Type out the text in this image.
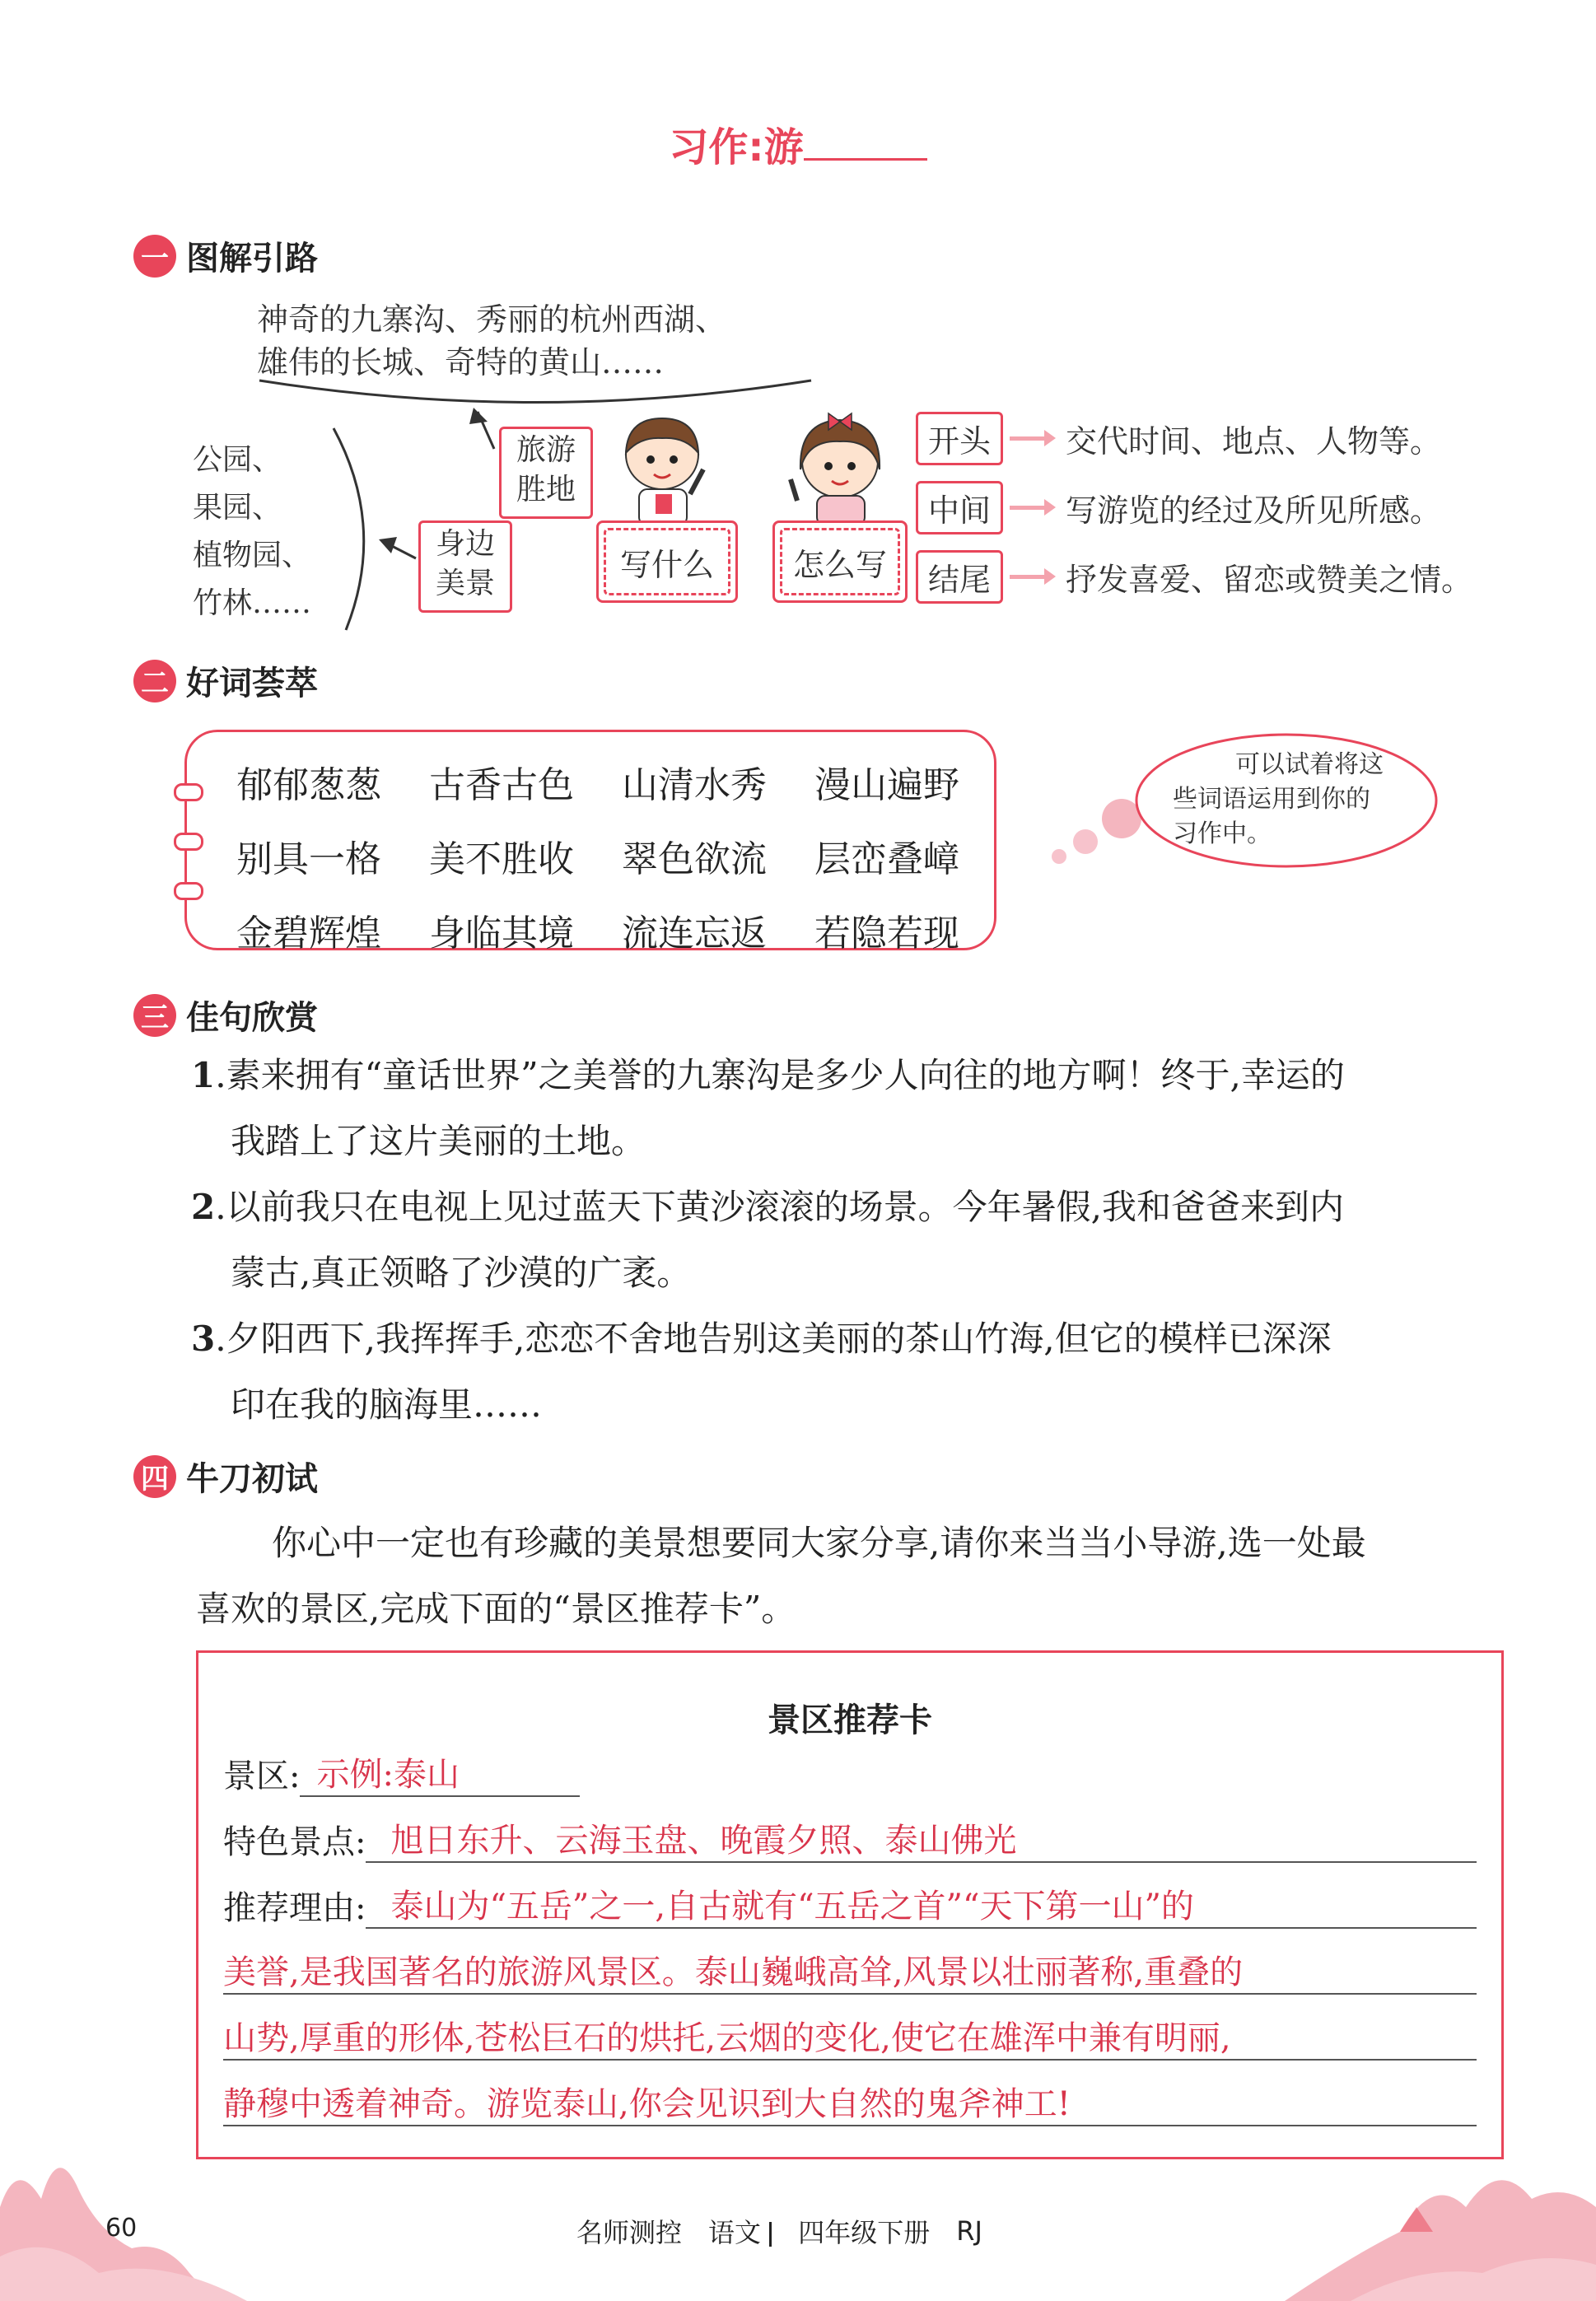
习作:游
一 图解引路
神奇的九寨沟、秀丽的杭州西湖、
雄伟的长城、奇特的黄山……
公园、
果园、
植物园、
竹林……
旅游
胜地
身边
美景
写什么	怎么写
开头	交代时间、地点、人物等。
中间	写游览的经过及所见所感。
结尾	抒发喜爱、留恋或赞美之情。
二 好词荟萃
郁郁葱葱	古香古色	山清水秀	漫山遍野
别具一格	美不胜收	翠色欲流	层峦叠嶂
金碧辉煌	身临其境	流连忘返	若隐若现
可以试着将这
些词语运用到你的
习作中。
三 佳句欣赏
1.素来拥有“童话世界”之美誉的九寨沟是多少人向往的地方啊！终于,幸运的
我踏上了这片美丽的土地。
2.以前我只在电视上见过蓝天下黄沙滚滚的场景。今年暑假,我和爸爸来到内
蒙古,真正领略了沙漠的广袤。
3.夕阳西下,我挥挥手,恋恋不舍地告别这美丽的茶山竹海,但它的模样已深深
印在我的脑海里……
四 牛刀初试
你心中一定也有珍藏的美景想要同大家分享,请你来当当小导游,选一处最
喜欢的景区,完成下面的“景区推荐卡”。
景区推荐卡
景区: 示例:泰山
特色景点: 旭日东升、云海玉盘、晚霞夕照、泰山佛光
推荐理由: 泰山为“五岳”之一,自古就有“五岳之首”“天下第一山”的
美誉,是我国著名的旅游风景区。泰山巍峨高耸,风景以壮丽著称,重叠的
山势,厚重的形体,苍松巨石的烘托,云烟的变化,使它在雄浑中兼有明丽,
静穆中透着神奇。游览泰山,你会见识到大自然的鬼斧神工!
60	名师测控 语文	四年级下册 RJ
